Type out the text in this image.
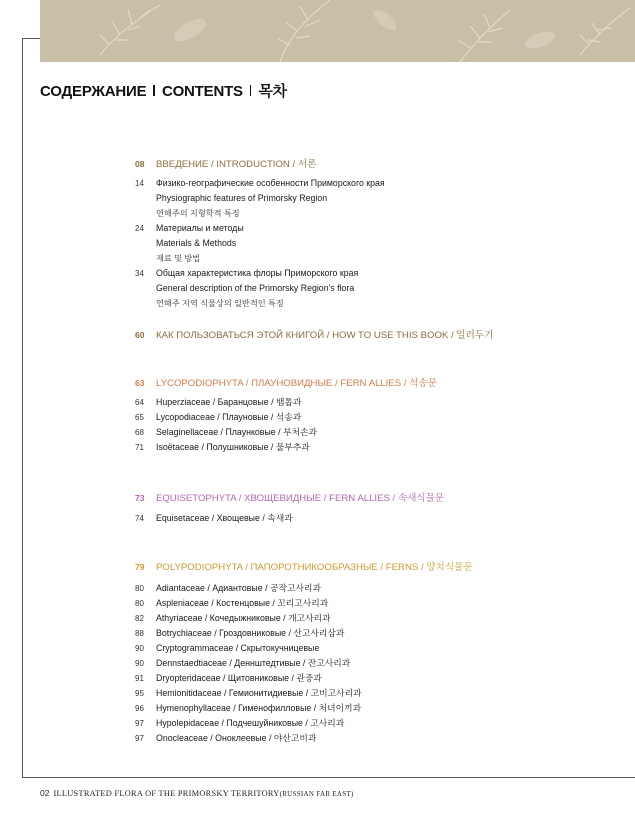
СОДЕРЖАНИЕ CONTENTS 목차
08 ВВЕДЕНИЕ / INTRODUCTION / 서론
14 Физико-географические особенности Приморского края
Physiographic features of Primorsky Region
연해주의 지형학적 특징
24 Материалы и методы
Materials & Methods
재료 및 방법
34 Общая характеристика флоры Приморского края
General description of the Primorsky Region's flora
연해주 지역 식물상의 일반적인 특징
60 КАК ПОЛЬЗОВАТЬСЯ ЭТОЙ КНИГОЙ / HOW TO USE THIS BOOK / 일러두기
63 LYCOPODIOPHYTA / ПЛАУНОВИДНЫЕ / FERN ALLIES / 석송문
64 Huperziaceae / Баранцовые / 뱀톱과
65 Lycopodiaceae / Плауновые / 석송과
68 Selaginellaceae / Плаунковые / 부처손과
71 Isoëtaceae / Полушниковые / 물부추과
73 EQUISETOPHYTA / ХВОЩЕВИДНЫЕ / FERN ALLIES / 속새식물문
74 Equisetaceae / Хвощевые / 속새과
79 POLYPODIOPHYTA / ПАПОРОТНИКООБРАЗНЫЕ / FERNS / 양치식물문
80 Adiantaceae / Адиантовые / 공작고사리과
80 Aspleniaceae / Костенцовые / 꼬리고사리과
82 Athyriaceae / Кочедыжниковые / 개고사리과
88 Botrychiaceae / Гроздовниковые / 산고사리삼과
90 Cryptogrammaceae / Скрытокучницевые
90 Dennstaedtiaceae / Деннштедтивые / 잔고사리과
91 Dryopteridaceae / Щитовниковые / 관중과
95 Hemionitidaceae / Гемионитидиевые / 고비고사리과
96 Hymenophyllaceae / Гименофилловые / 처녀이끼과
97 Hypolepidaceae / Подчешуйниковые / 고사리과
97 Onocleaceae / Оноклеевые / 야산고비과
02 ILLUSTRATED FLORA OF THE PRIMORSKY TERRITORY(RUSSIAN FAR EAST)
